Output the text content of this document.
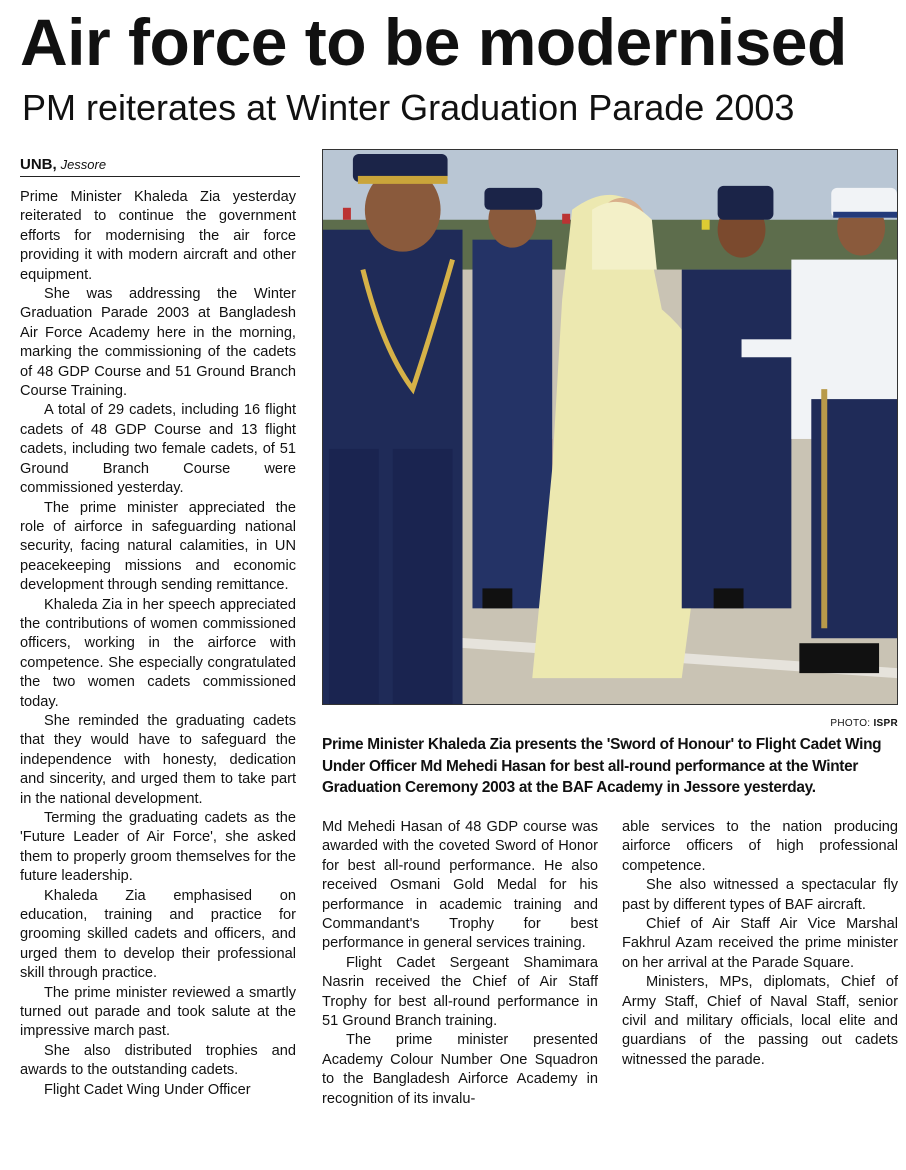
Air force to be modernised
PM reiterates at Winter Graduation Parade 2003
UNB, Jessore

Prime Minister Khaleda Zia yesterday reiterated to continue the government efforts for modernising the air force providing it with modern aircraft and other equipment.

She was addressing the Winter Graduation Parade 2003 at Bangladesh Air Force Academy here in the morning, marking the commissioning of the cadets of 48 GDP Course and 51 Ground Branch Course Training.

A total of 29 cadets, including 16 flight cadets of 48 GDP Course and 13 flight cadets, including two female cadets, of 51 Ground Branch Course were commissioned yesterday.

The prime minister appreciated the role of airforce in safeguarding national security, facing natural calamities, in UN peacekeeping missions and economic development through sending remittance.

Khaleda Zia in her speech appreciated the contributions of women commissioned officers, working in the airforce with competence. She especially congratulated the two women cadets commissioned today.

She reminded the graduating cadets that they would have to safeguard the independence with honesty, dedication and sincerity, and urged them to take part in the national development.

Terming the graduating cadets as the 'Future Leader of Air Force', she asked them to properly groom themselves for the future leadership.

Khaleda Zia emphasised on education, training and practice for grooming skilled cadets and officers, and urged them to develop their professional skill through practice.

The prime minister reviewed a smartly turned out parade and took salute at the impressive march past.

She also distributed trophies and awards to the outstanding cadets.

Flight Cadet Wing Under Officer

PHOTO: ISPR
Prime Minister Khaleda Zia presents the 'Sword of Honour' to Flight Cadet Wing Under Officer Md Mehedi Hasan for best all-round performance at the Winter Graduation Ceremony 2003 at the BAF Academy in Jessore yesterday.

Md Mehedi Hasan of 48 GDP course was awarded with the coveted Sword of Honor for best all-round performance. He also received Osmani Gold Medal for his performance in academic training and Commandant's Trophy for best performance in general services training.

Flight Cadet Sergeant Shamimara Nasrin received the Chief of Air Staff Trophy for best all-round performance in 51 Ground Branch training.

The prime minister presented Academy Colour Number One Squadron to the Bangladesh Airforce Academy in recognition of its invalu-

able services to the nation producing airforce officers of high professional competence.

She also witnessed a spectacular fly past by different types of BAF aircraft.

Chief of Air Staff Air Vice Marshal Fakhrul Azam received the prime minister on her arrival at the Parade Square.

Ministers, MPs, diplomats, Chief of Army Staff, Chief of Naval Staff, senior civil and military officials, local elite and guardians of the passing out cadets witnessed the parade.
